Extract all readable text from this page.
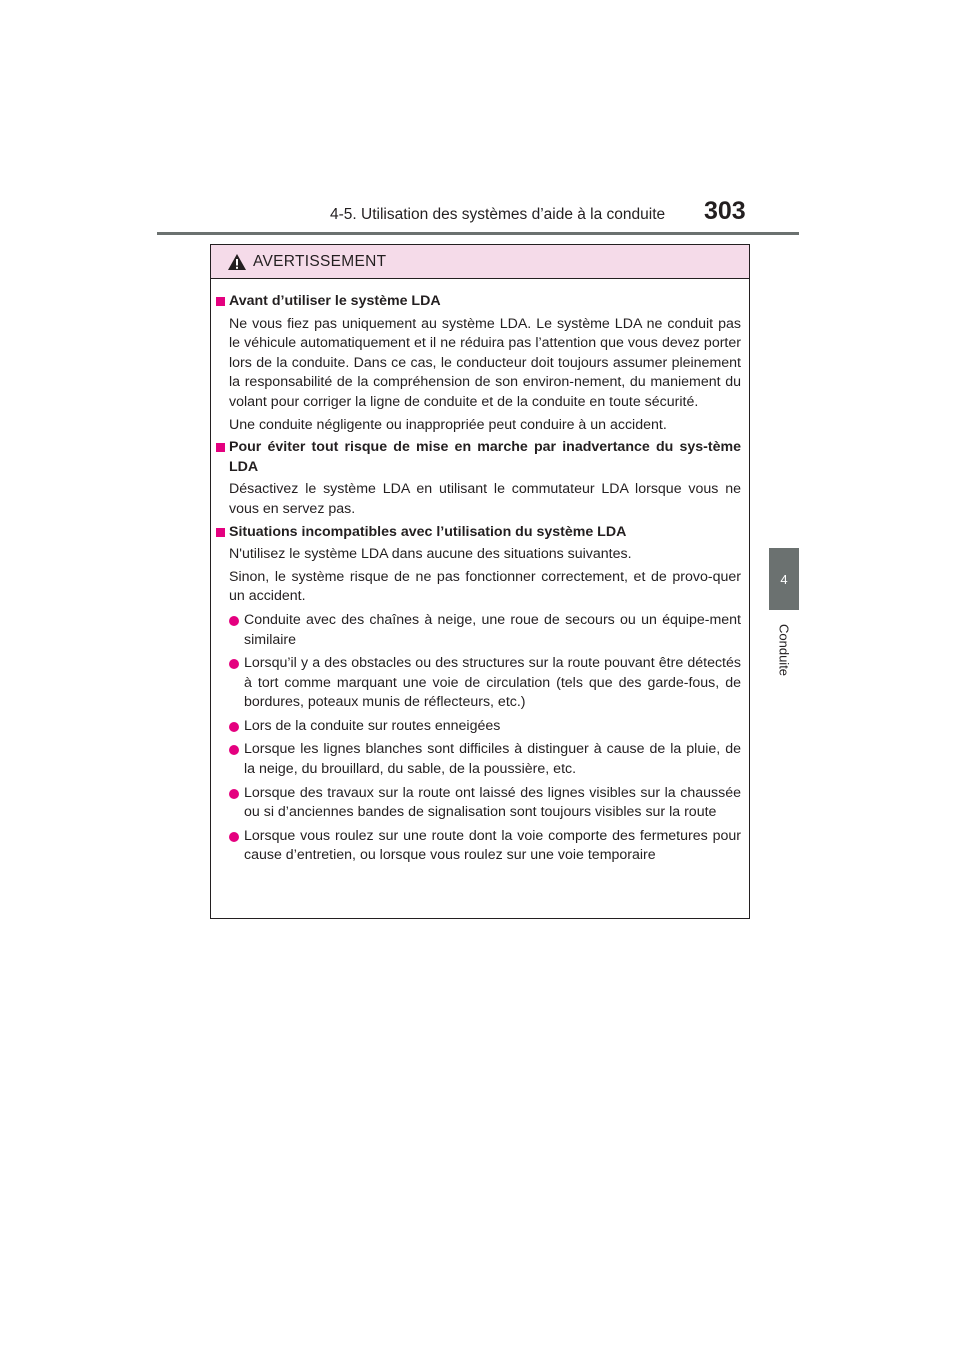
4-5. Utilisation des systèmes d’aide à la conduite 303
4
Conduite
AVERTISSEMENT
Avant d’utiliser le système LDA
Ne vous fiez pas uniquement au système LDA. Le système LDA ne conduit pas le véhicule automatiquement et il ne réduira pas l’attention que vous devez porter lors de la conduite. Dans ce cas, le conducteur doit toujours assumer pleinement la responsabilité de la compréhension de son environ-nement, du maniement du volant pour corriger la ligne de conduite et de la conduite en toute sécurité.
Une conduite négligente ou inappropriée peut conduire à un accident.
Pour éviter tout risque de mise en marche par inadvertance du sys-tème LDA
Désactivez le système LDA en utilisant le commutateur LDA lorsque vous ne vous en servez pas.
Situations incompatibles avec l’utilisation du système LDA
N'utilisez le système LDA dans aucune des situations suivantes.
Sinon, le système risque de ne pas fonctionner correctement, et de provo-quer un accident.
Conduite avec des chaînes à neige, une roue de secours ou un équipe-ment similaire
Lorsqu’il y a des obstacles ou des structures sur la route pouvant être détectés à tort comme marquant une voie de circulation (tels que des garde-fous, de bordures, poteaux munis de réflecteurs, etc.)
Lors de la conduite sur routes enneigées
Lorsque les lignes blanches sont difficiles à distinguer à cause de la pluie, de la neige, du brouillard, du sable, de la poussière, etc.
Lorsque des travaux sur la route ont laissé des lignes visibles sur la chaussée ou si d’anciennes bandes de signalisation sont toujours visibles sur la route
Lorsque vous roulez sur une route dont la voie comporte des fermetures pour cause d’entretien, ou lorsque vous roulez sur une voie temporaire
